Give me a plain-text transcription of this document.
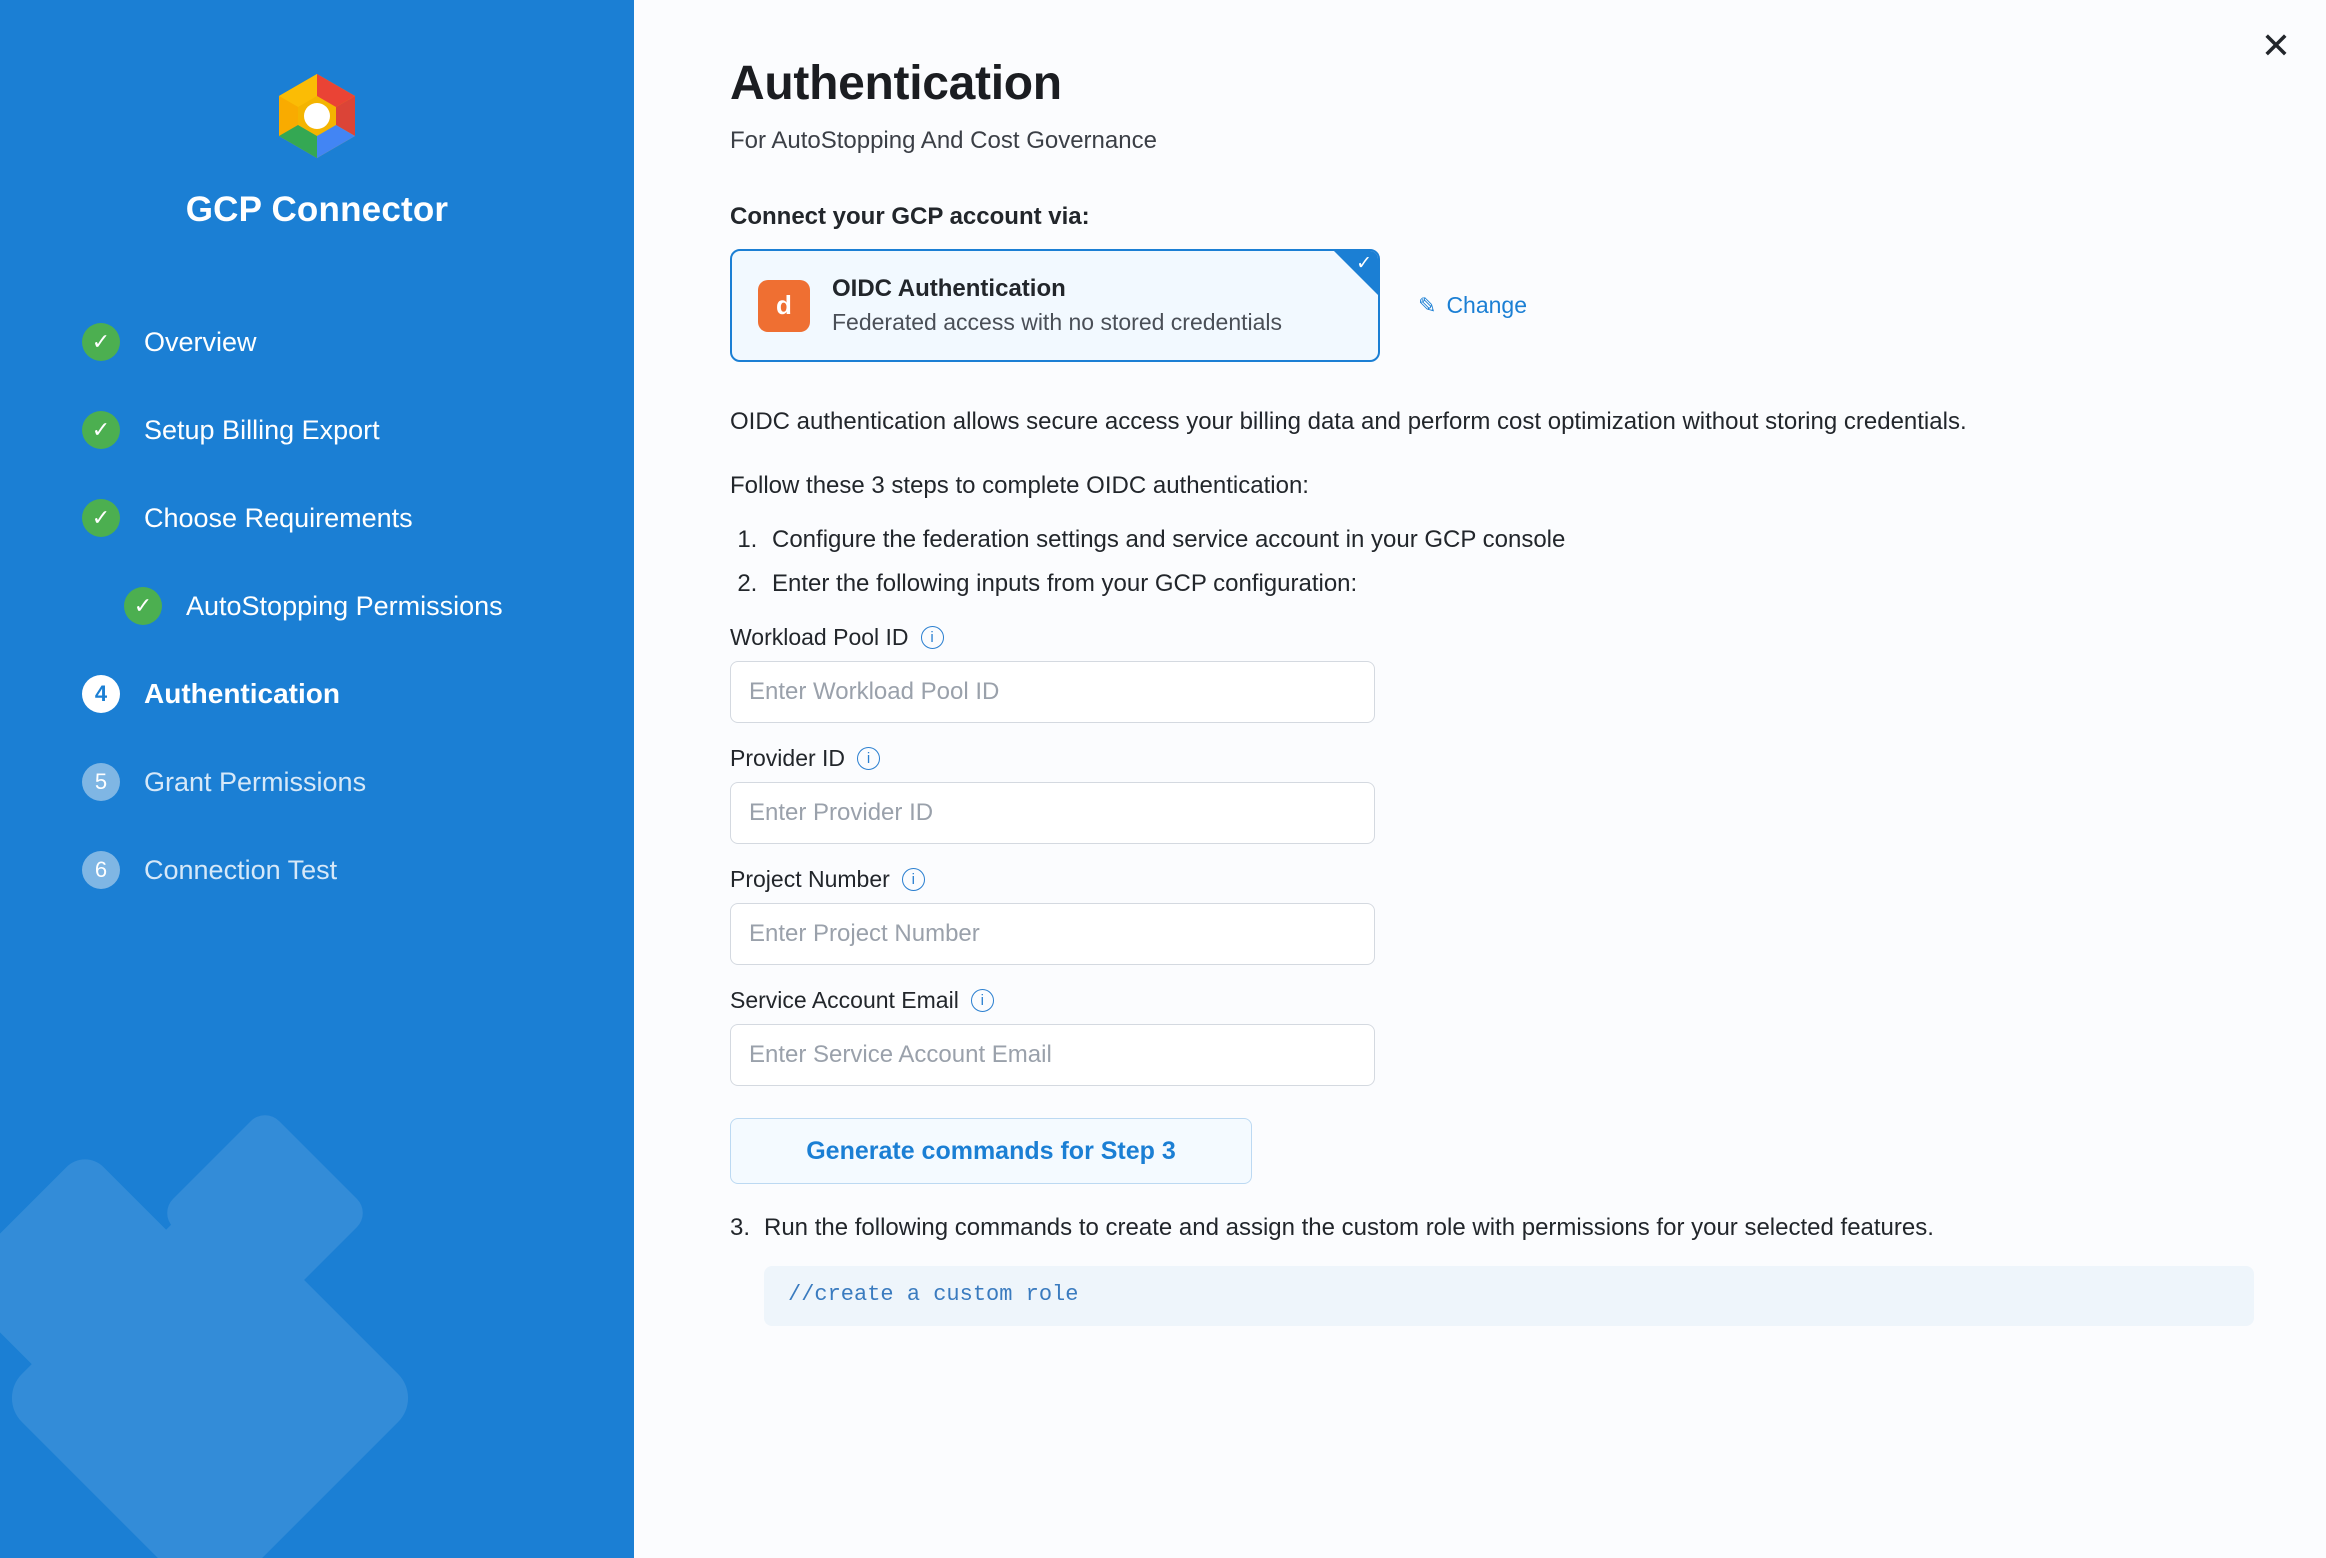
GCP Connector
✓	Overview
✓	Setup Billing Export
✓	Choose Requirements
✓	AutoStopping Permissions
4	Authentication
5	Grant Permissions
6	Connection Test
✕
Authentication
For AutoStopping And Cost Governance
Connect your GCP account via:
✓
d
OIDC Authentication
Federated access with no stored credentials
✎ Change
OIDC authentication allows secure access your billing data and perform cost optimization without storing credentials.
Follow these 3 steps to complete OIDC authentication:
1. Configure the federation settings and service account in your GCP console
2. Enter the following inputs from your GCP configuration:
Workload Pool ID	i
Enter Workload Pool ID
Provider ID	i
Enter Provider ID
Project Number	i
Enter Project Number
Service Account Email	i
Enter Service Account Email
Generate commands for Step 3
3. Run the following commands to create and assign the custom role with permissions for your selected features.
//create a custom role
